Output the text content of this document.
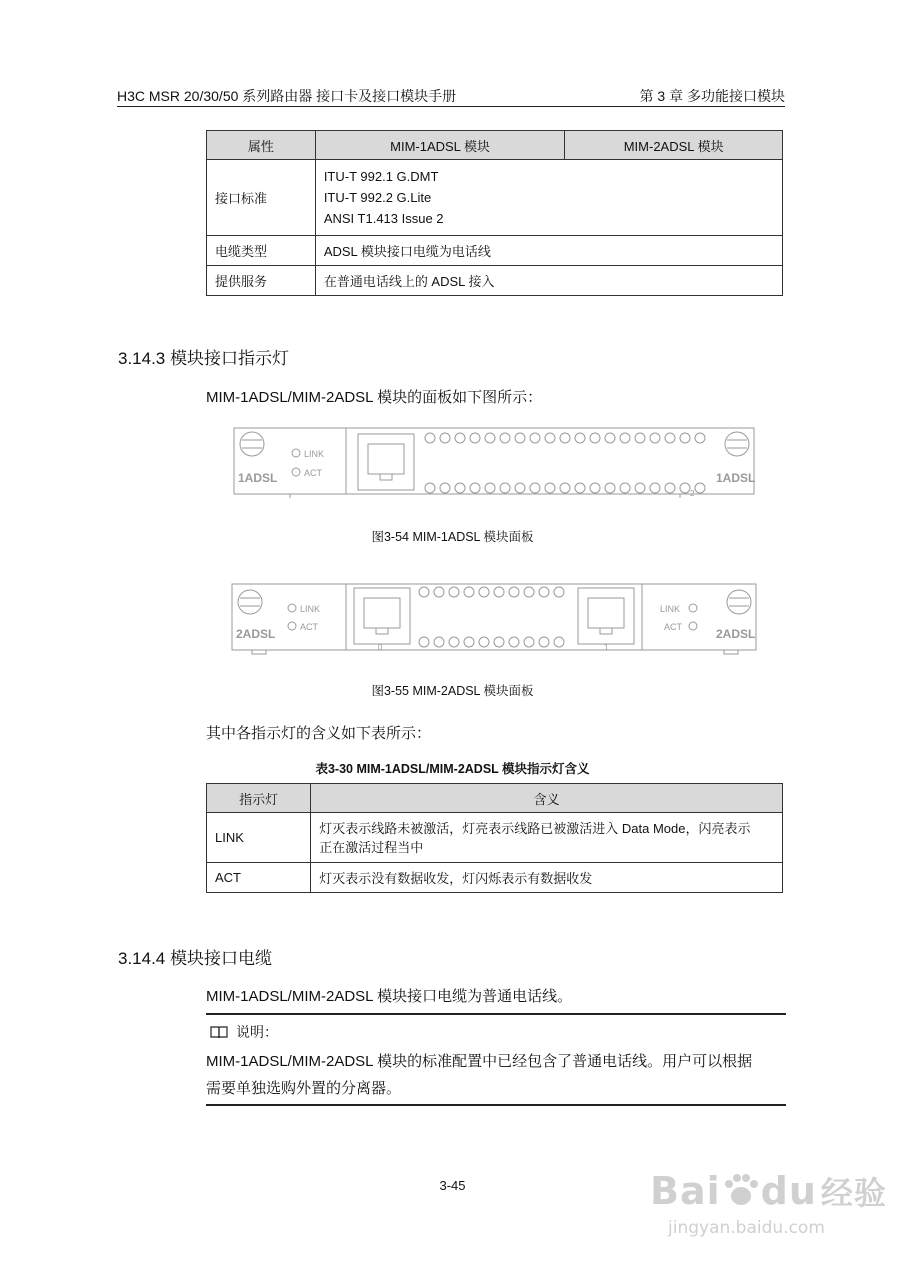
H3C MSR 20/30/50 系列路由器 接口卡及接口模块手册	第 3 章 多功能接口模块
属性	MIM-1ADSL 模块	MIM-2ADSL 模块
接口标准	ITU-T 992.1 G.DMT
ITU-T 992.2 G.Lite
ANSI T1.413 Issue 2	

电缆类型	ADSL 模块接口电缆为电话线	
提供服务	在普通电话线上的 ADSL 接入	
3.14.3 模块接口指示灯
MIM-1ADSL/MIM-2ADSL 模块的面板如下图所示：
1ADSL	1ADSL
LINK
ACT
2
图3-54 MIM-1ADSL 模块面板
2ADSL	2ADSL
LINK
ACT
LINK
ACT
0	1
图3-55 MIM-2ADSL 模块面板
其中各指示灯的含义如下表所示：
表3-30 MIM-1ADSL/MIM-2ADSL 模块指示灯含义
指示灯	含义
LINK	灯灭表示线路未被激活，灯亮表示线路已被激活进入 Data Mode，闪亮表示
正在激活过程当中

ACT	灯灭表示没有数据收发，灯闪烁表示有数据收发
3.14.4 模块接口电缆
MIM-1ADSL/MIM-2ADSL 模块接口电缆为普通电话线。
说明：
MIM-1ADSL/MIM-2ADSL 模块的标准配置中已经包含了普通电话线。用户可以根据
需要单独选购外置的分离器。
3-45	Bai du 经验
jingyan.baidu.com
